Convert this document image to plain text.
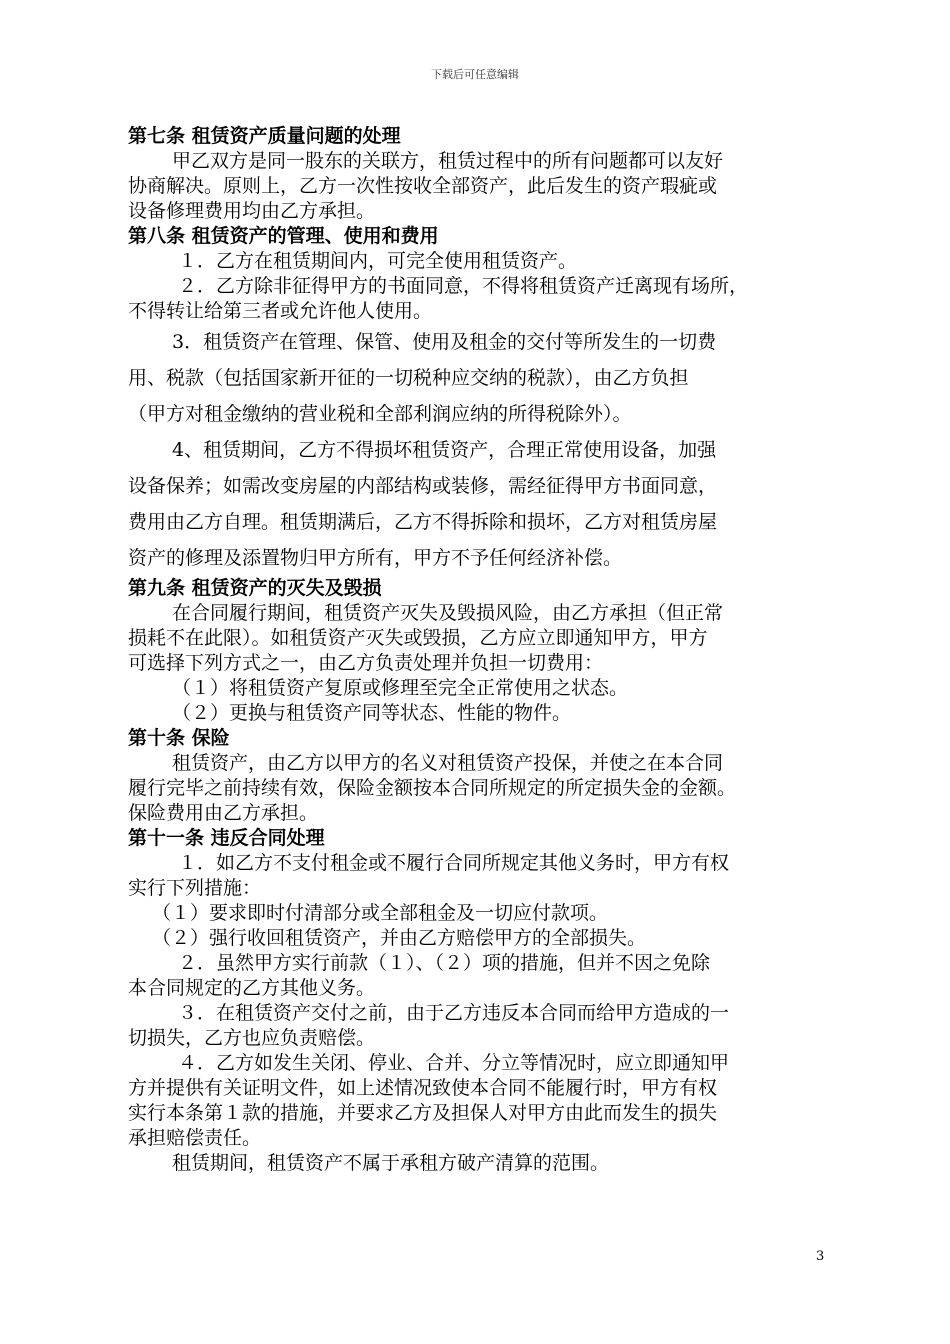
下载后可任意编辑

第七条 租赁资产质量问题的处理

甲乙双方是同一股东的关联方，租赁过程中的所有问题都可以友好

协商解决。原则上，乙方一次性按收全部资产，此后发生的资产瑕疵或

设备修理费用均由乙方承担。

第八条 租赁资产的管理、使用和费用

１．乙方在租赁期间内，可完全使用租赁资产。

２．乙方除非征得甲方的书面同意，不得将租赁资产迁离现有场所，

不得转让给第三者或允许他人使用。

3．租赁资产在管理、保管、使用及租金的交付等所发生的一切费

用、税款（包括国家新开征的一切税种应交纳的税款），由乙方负担

（甲方对租金缴纳的营业税和全部利润应纳的所得税除外）。

4、租赁期间，乙方不得损坏租赁资产，合理正常使用设备，加强

设备保养；如需改变房屋的内部结构或装修，需经征得甲方书面同意，

费用由乙方自理。租赁期满后，乙方不得拆除和损坏，乙方对租赁房屋

资产的修理及添置物归甲方所有，甲方不予任何经济补偿。

第九条 租赁资产的灭失及毁损

在合同履行期间，租赁资产灭失及毁损风险，由乙方承担（但正常

损耗不在此限）。如租赁资产灭失或毁损，乙方应立即通知甲方，甲方

可选择下列方式之一，由乙方负责处理并负担一切费用：

（１）将租赁资产复原或修理至完全正常使用之状态。

（２）更换与租赁资产同等状态、性能的物件。

第十条 保险

租赁资产，由乙方以甲方的名义对租赁资产投保，并使之在本合同

履行完毕之前持续有效，保险金额按本合同所规定的所定损失金的金额。

保险费用由乙方承担。

第十一条 违反合同处理

１．如乙方不支付租金或不履行合同所规定其他义务时，甲方有权

实行下列措施：

（１）要求即时付清部分或全部租金及一切应付款项。

（２）强行收回租赁资产，并由乙方赔偿甲方的全部损失。

２．虽然甲方实行前款（１）、（２）项的措施，但并不因之免除

本合同规定的乙方其他义务。

３．在租赁资产交付之前，由于乙方违反本合同而给甲方造成的一

切损失，乙方也应负责赔偿。

４．乙方如发生关闭、停业、合并、分立等情况时，应立即通知甲

方并提供有关证明文件，如上述情况致使本合同不能履行时，甲方有权

实行本条第１款的措施，并要求乙方及担保人对甲方由此而发生的损失

承担赔偿责任。

租赁期间，租赁资产不属于承租方破产清算的范围。

3
